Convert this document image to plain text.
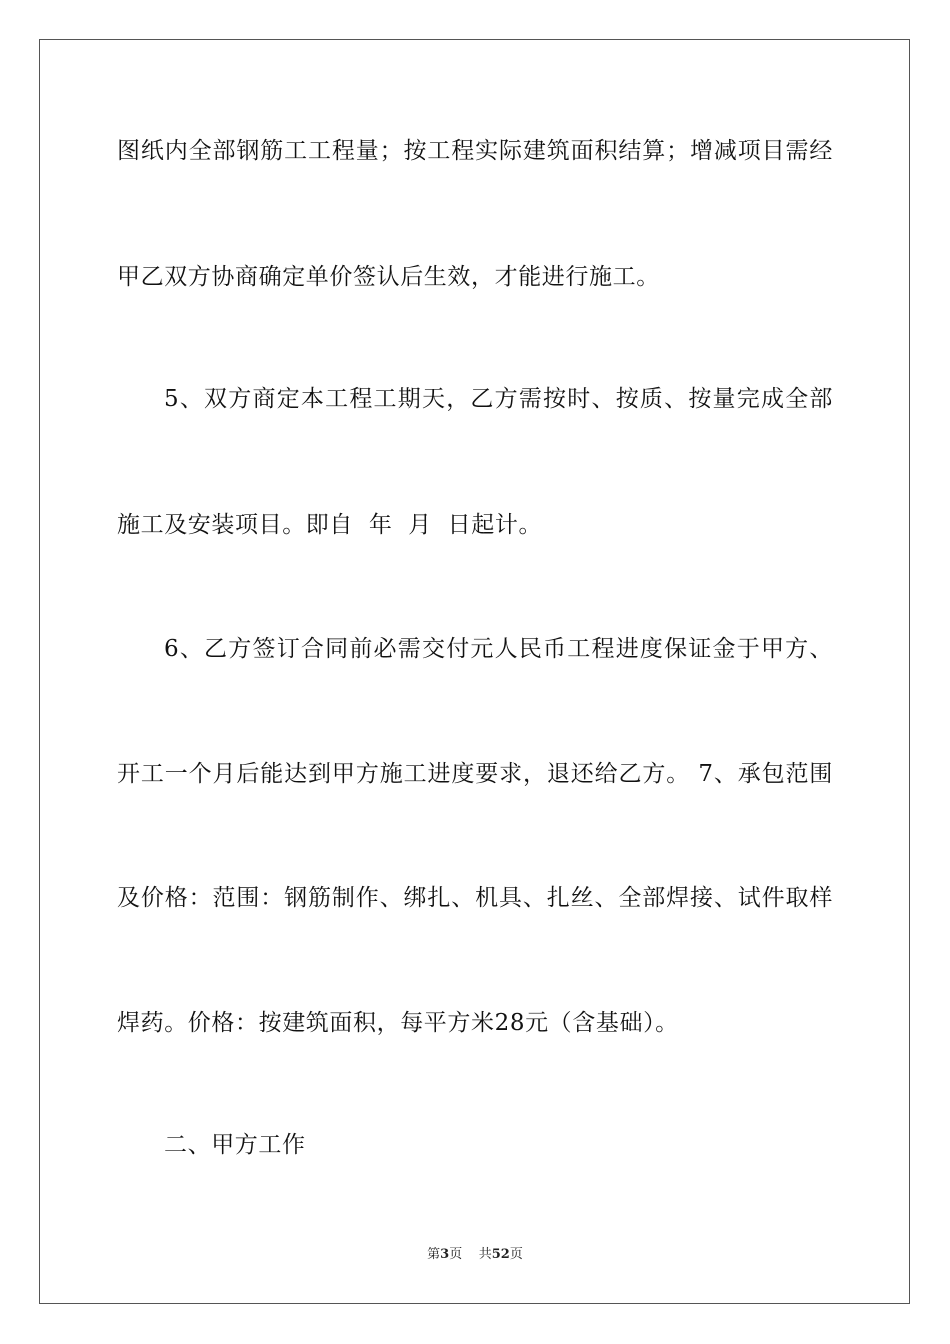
图纸内全部钢筋工工程量；按工程实际建筑面积结算；增减项目需经
甲乙双方协商确定单价签认后生效，才能进行施工。
5、双方商定本工程工期天，乙方需按时、按质、按量完成全部
施工及安装项目。即自  年  月  日起计。
6、乙方签订合同前必需交付元人民币工程进度保证金于甲方、
开工一个月后能达到甲方施工进度要求，退还给乙方。 7、承包范围
及价格：范围：钢筋制作、绑扎、机具、扎丝、全部焊接、试件取样
焊药。价格：按建筑面积，每平方米28元（含基础）。
二、甲方工作
第3页 共52页
